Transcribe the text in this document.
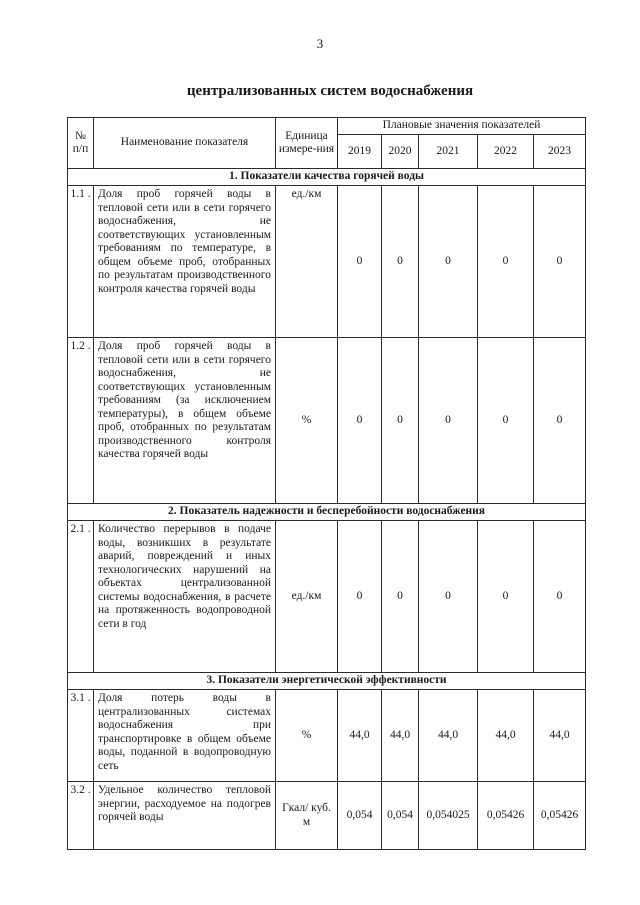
3
централизованных систем водоснабжения
№ п/п	Наименование показателя	Единица измере-ния	Плановые значения показателей				
			2019	2020	2021	2022	2023
1. Показатели качества горячей воды							
1.1 .	Доля проб горячей воды в тепловой сети или в сети горячего водоснабжения, не соответствующих установленным требованиям по температуре, в общем объеме проб, отобранных по результатам производственного контроля качества горячей воды	ед./км	0	0	0	0	0
1.2 .	Доля проб горячей воды в тепловой сети или в сети горячего водоснабжения, не соответствующих установленным требованиям (за исключением температуры), в общем объеме проб, отобранных по результатам производственного контроля качества горячей воды	%	0	0	0	0	0
2. Показатель надежности и бесперебойности водоснабжения							
2.1 .	Количество перерывов в подаче воды, возникших в результате аварий, повреждений и иных технологических нарушений на объектах централизованной системы водоснабжения, в расчете на протяженность водопроводной сети в год	ед./км	0	0	0	0	0
3. Показатели энергетической эффективности							
3.1 .	Доля потерь воды в централизованных системах водоснабжения при транспортировке в общем объеме воды, поданной в водопроводную сеть	%	44,0	44,0	44,0	44,0	44,0
3.2 .	Удельное количество тепловой энергии, расходуемое на подогрев горячей воды	Гкал/ куб. м	0,054	0,054	0,054025	0,05426	0,05426
